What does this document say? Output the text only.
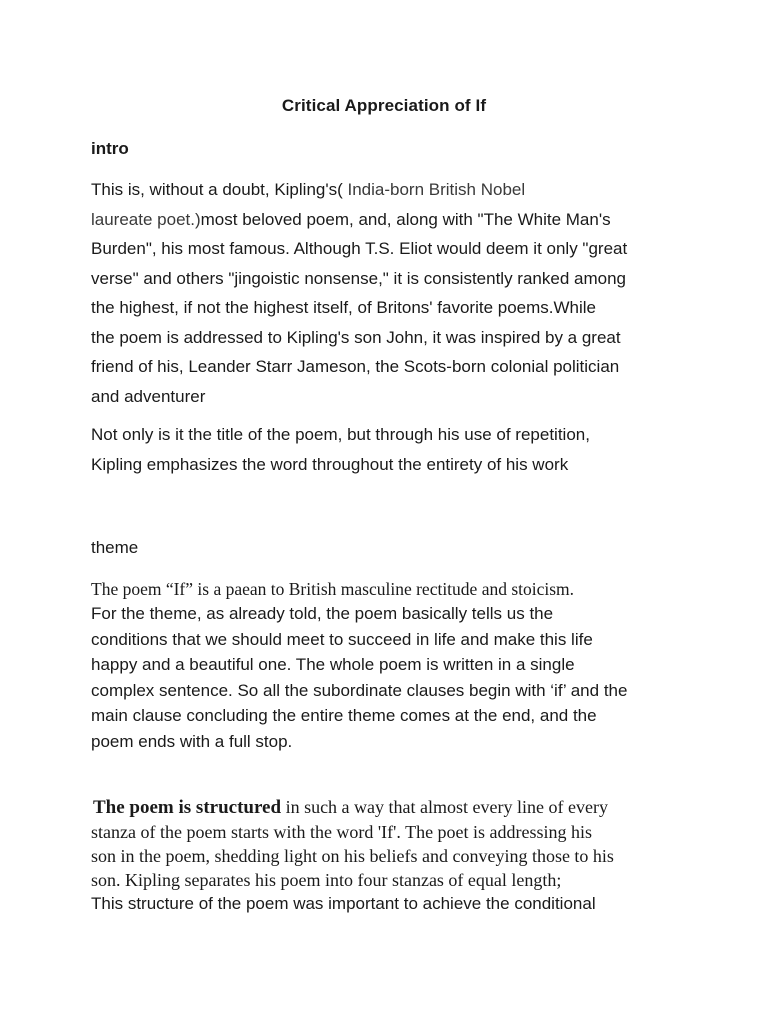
Critical Appreciation of If
intro
This is, without a doubt, Kipling's( India-born British Nobel
laureate poet.)most beloved poem, and, along with "The White Man's
Burden", his most famous. Although T.S. Eliot would deem it only "great
verse" and others "jingoistic nonsense," it is consistently ranked among
the highest, if not the highest itself, of Britons' favorite poems.While
the poem is addressed to Kipling's son John, it was inspired by a great
friend of his, Leander Starr Jameson, the Scots-born colonial politician
and adventurer
Not only is it the title of the poem, but through his use of repetition,
Kipling emphasizes the word throughout the entirety of his work
theme
The poem “If” is a paean to British masculine rectitude and stoicism.
For the theme, as already told, the poem basically tells us the
conditions that we should meet to succeed in life and make this life
happy and a beautiful one. The whole poem is written in a single
complex sentence. So all the subordinate clauses begin with ‘if’ and the
main clause concluding the entire theme comes at the end, and the
poem ends with a full stop.
The poem is structured in such a way that almost every line of every
stanza of the poem starts with the word 'If'. The poet is addressing his
son in the poem, shedding light on his beliefs and conveying those to his
son. Kipling separates his poem into four stanzas of equal length;
This structure of the poem was important to achieve the conditional
